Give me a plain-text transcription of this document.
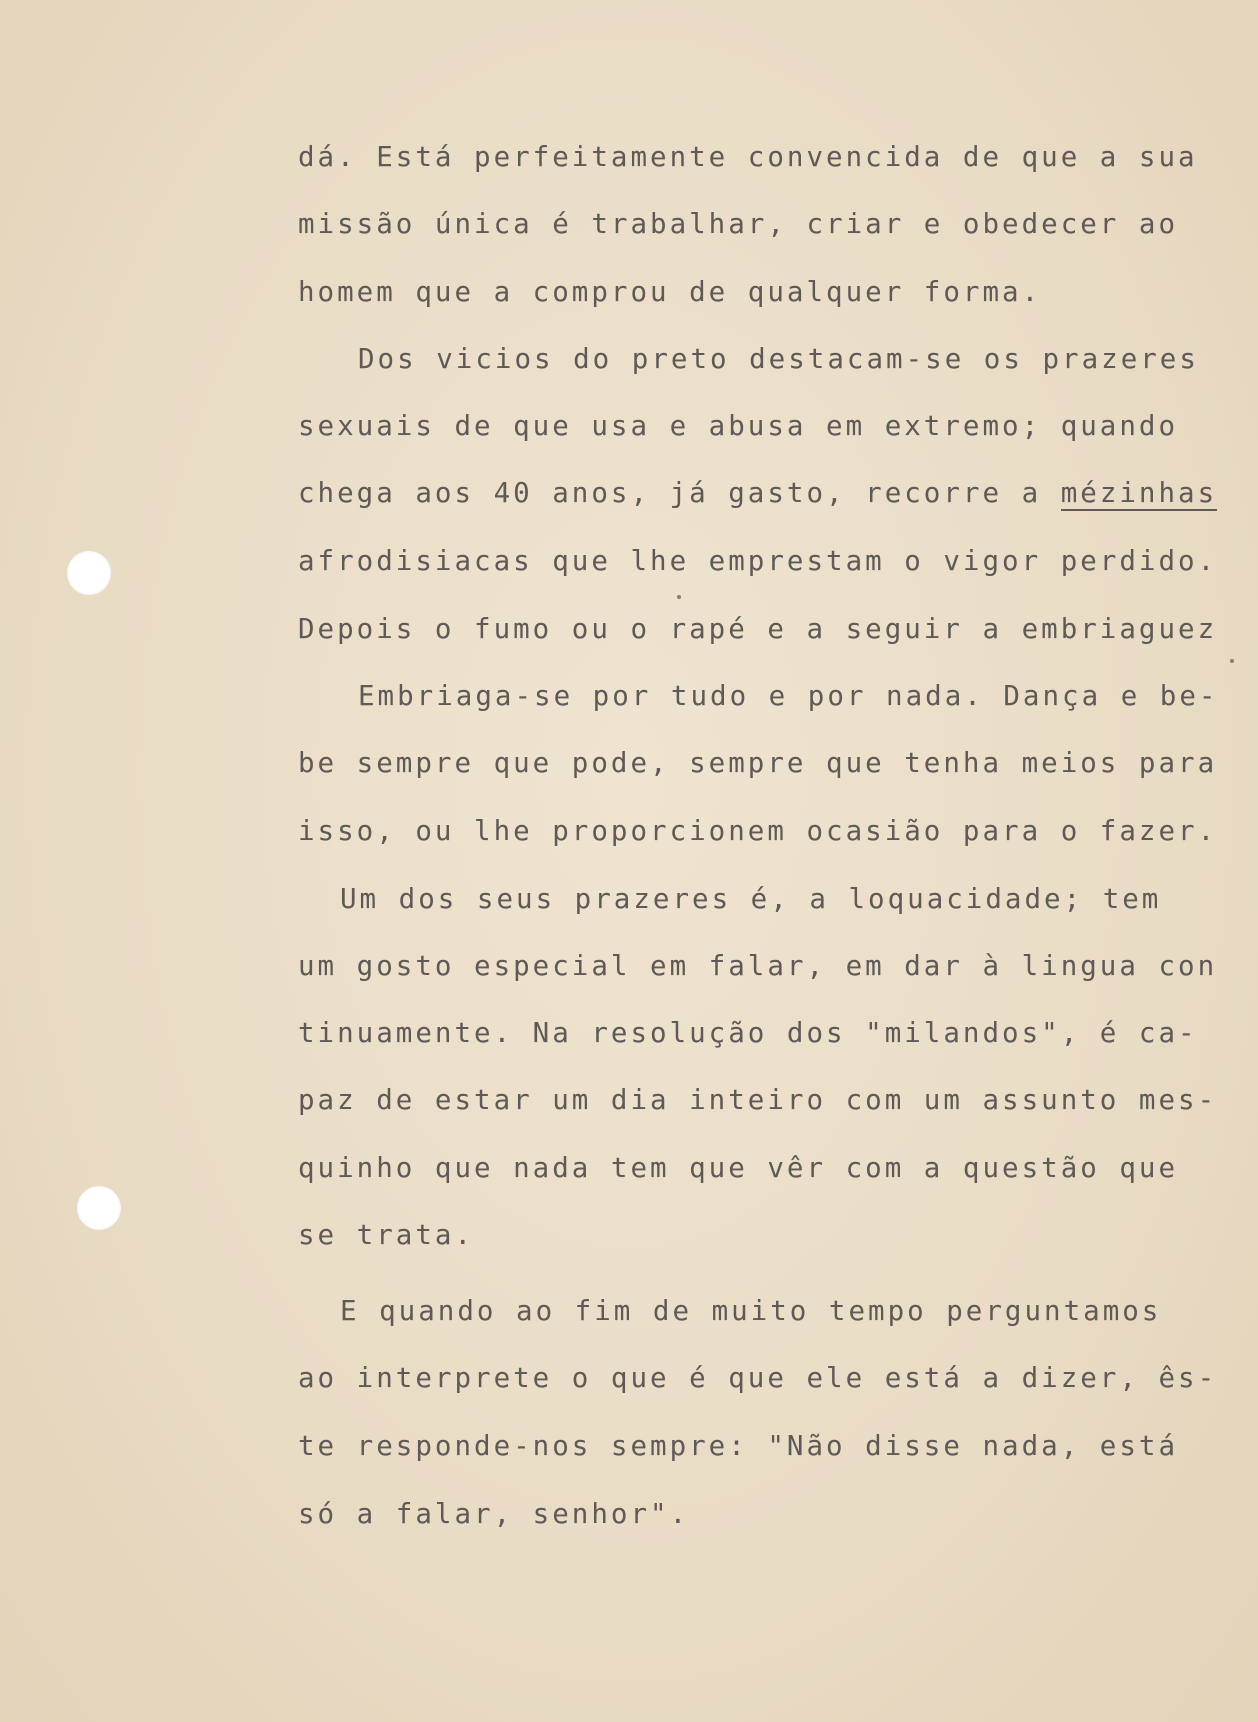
dá. Está perfeitamente convencida de que a sua

missão única é trabalhar, criar e obedecer ao

homem que a comprou de qualquer forma.

Dos vicios do preto destacam-se os prazeres

sexuais de que usa e abusa em extremo; quando

chega aos 40 anos, já gasto, recorre a mézinhas

afrodisiacas que lhe emprestam o vigor perdido.

Depois o fumo ou o rapé e a seguir a embriaguez

Embriaga-se por tudo e por nada. Dança e be-

be sempre que pode, sempre que tenha meios para

isso, ou lhe proporcionem ocasião para o fazer.

Um dos seus prazeres é, a loquacidade; tem

um gosto especial em falar, em dar à lingua con

tinuamente. Na resolução dos "milandos", é ca-

paz de estar um dia inteiro com um assunto mes-

quinho que nada tem que vêr com a questão que

se trata.

E quando ao fim de muito tempo perguntamos

ao interprete o que é que ele está a dizer, ês-

te responde-nos sempre: "Não disse nada, está

só a falar, senhor".
